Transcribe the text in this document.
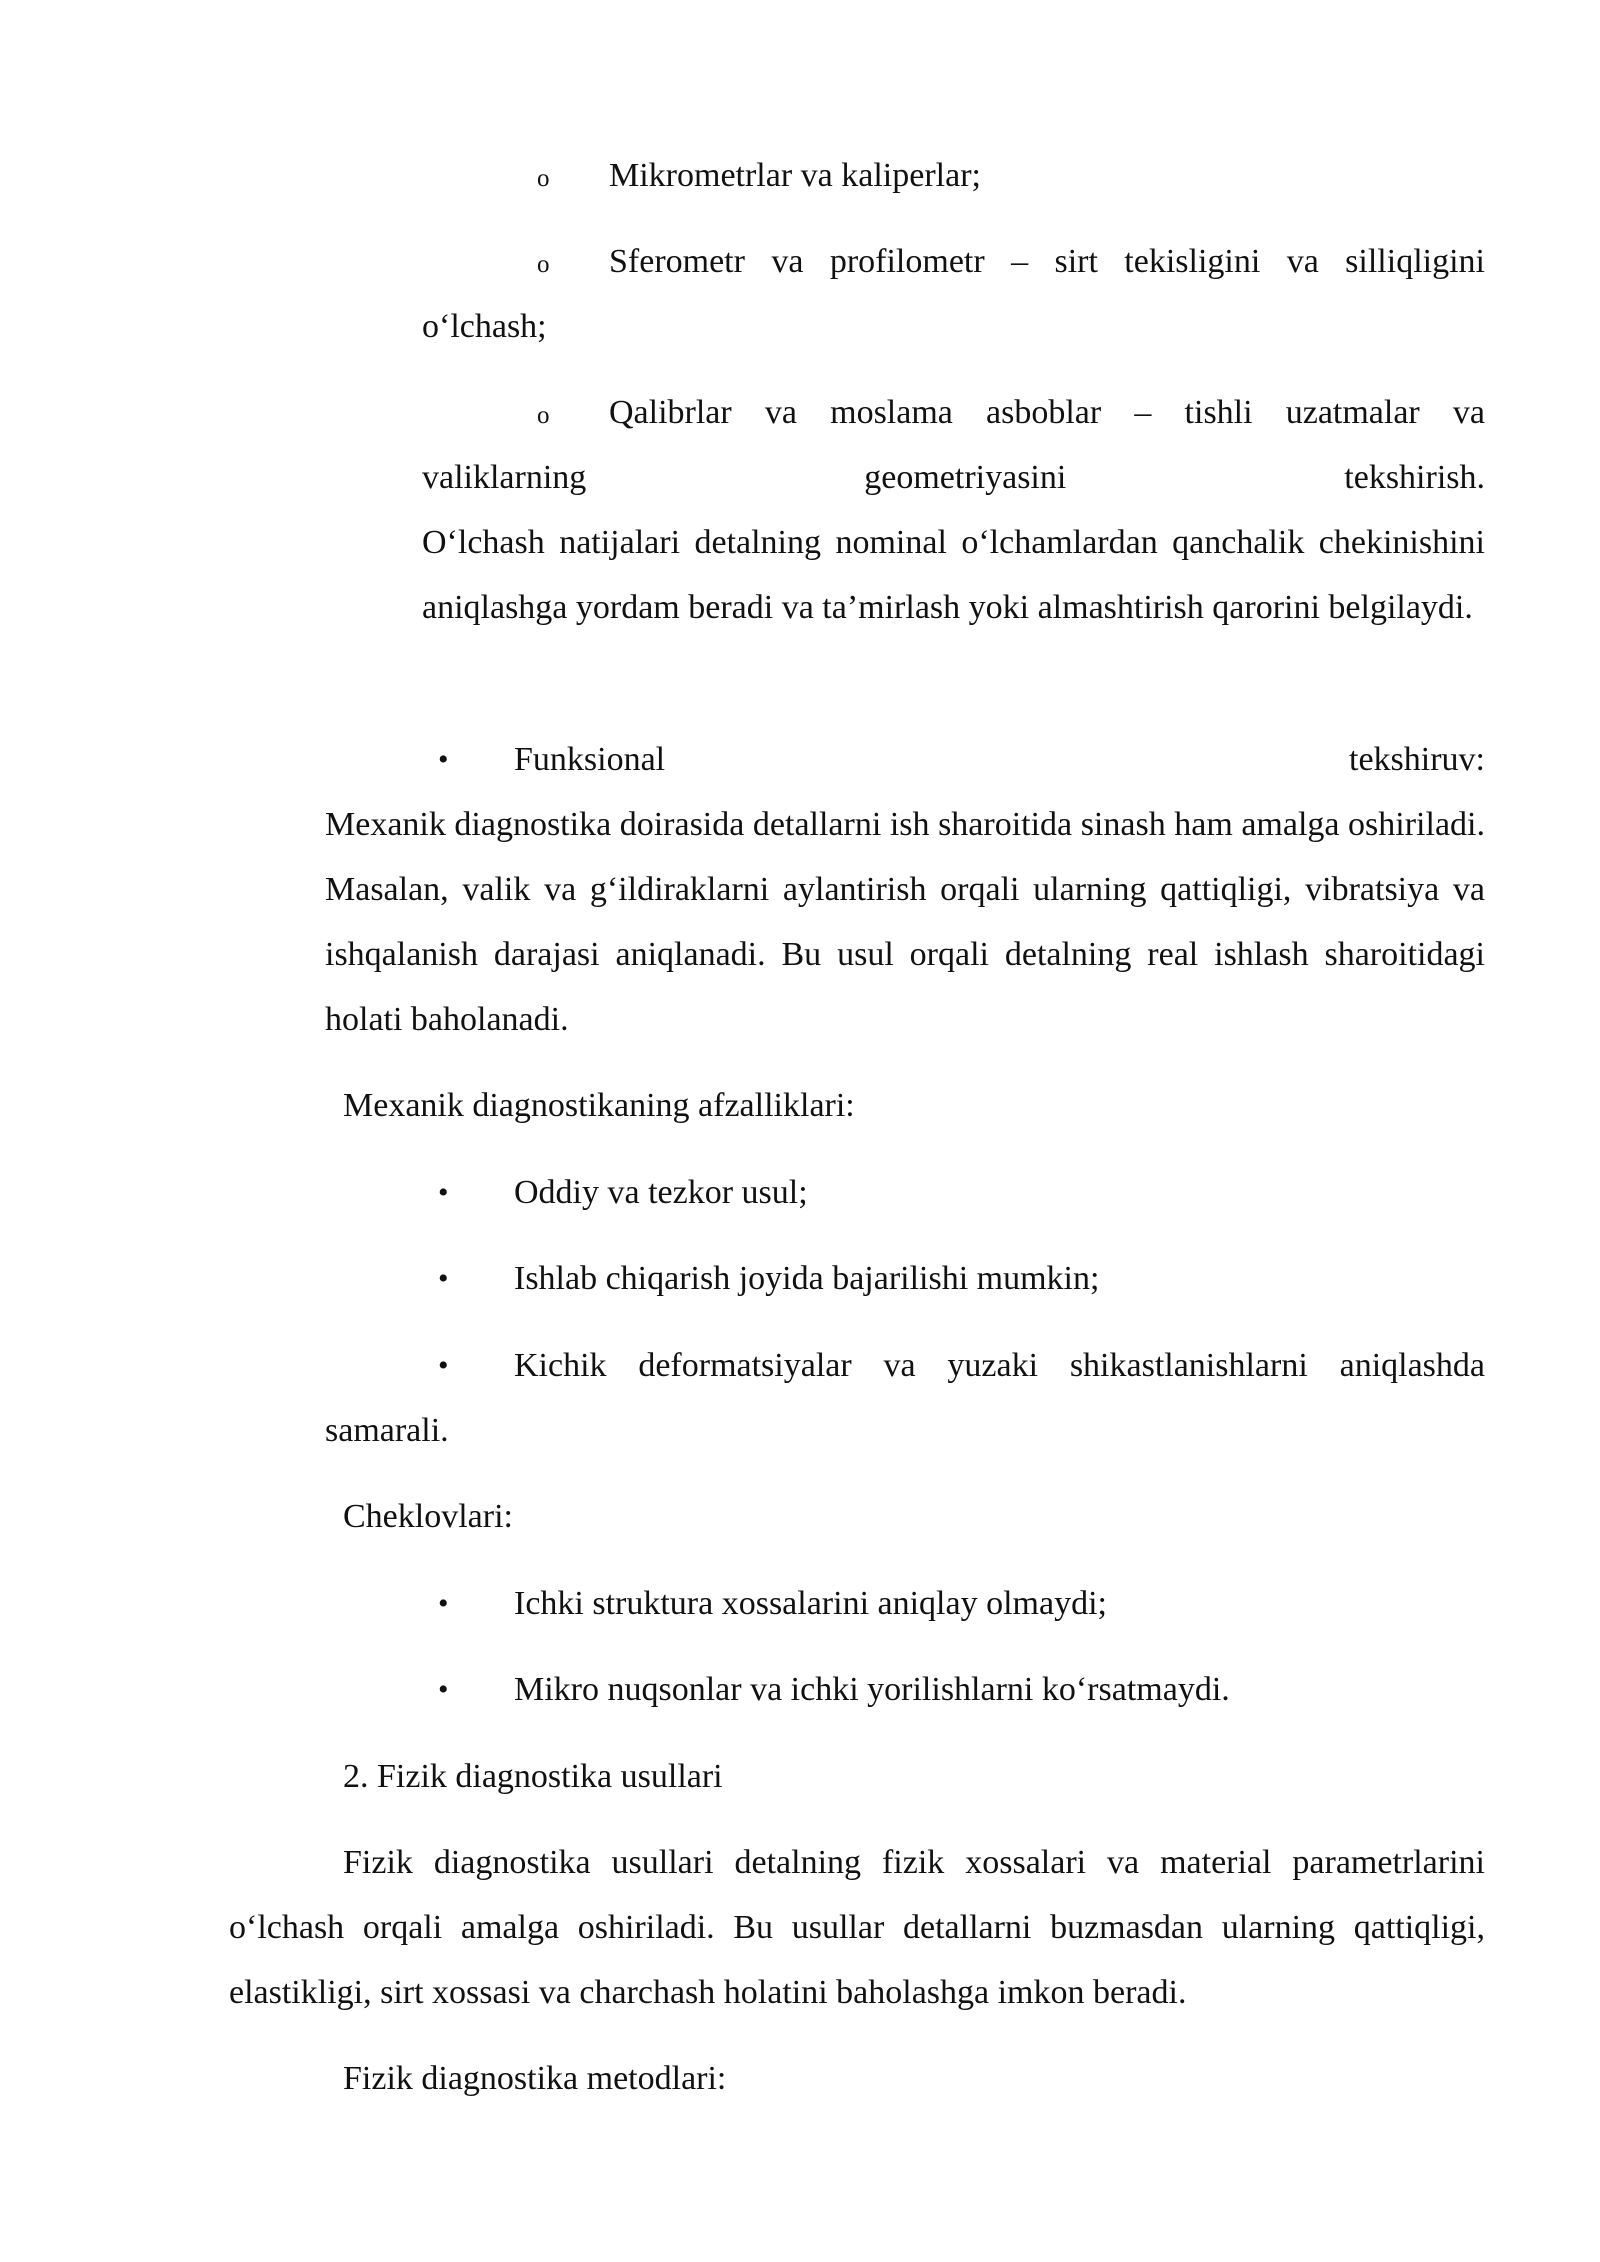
o Mikrometrlar va kaliperlar;
o Sferometr va profilometr – sirt tekisligini va silliqligini
o‘lchash;
o Qalibrlar va moslama asboblar – tishli uzatmalar va
valiklarning geometriyasini tekshirish.
O‘lchash natijalari detalning nominal o‘lchamlardan qanchalik chekinishini aniqlashga yordam beradi va ta’mirlash yoki almashtirish qarorini belgilaydi.
• Funksional tekshiruv:
Mexanik diagnostika doirasida detallarni ish sharoitida sinash ham amalga oshiriladi. Masalan, valik va g‘ildiraklarni aylantirish orqali ularning qattiqligi, vibratsiya va ishqalanish darajasi aniqlanadi. Bu usul orqali detalning real ishlash sharoitidagi holati baholanadi.
Mexanik diagnostikaning afzalliklari:
• Oddiy va tezkor usul;
• Ishlab chiqarish joyida bajarilishi mumkin;
•	Kichik deformatsiyalar va yuzaki shikastlanishlarni aniqlashda samarali.
Cheklovlari:
• Ichki struktura xossalarini aniqlay olmaydi;
• Mikro nuqsonlar va ichki yorilishlarni ko‘rsatmaydi.
2. Fizik diagnostika usullari
Fizik diagnostika usullari detalning fizik xossalari va material parametrlarini o‘lchash orqali amalga oshiriladi. Bu usullar detallarni buzmasdan ularning qattiqligi, elastikligi, sirt xossasi va charchash holatini baholashga imkon beradi.
Fizik diagnostika metodlari:
